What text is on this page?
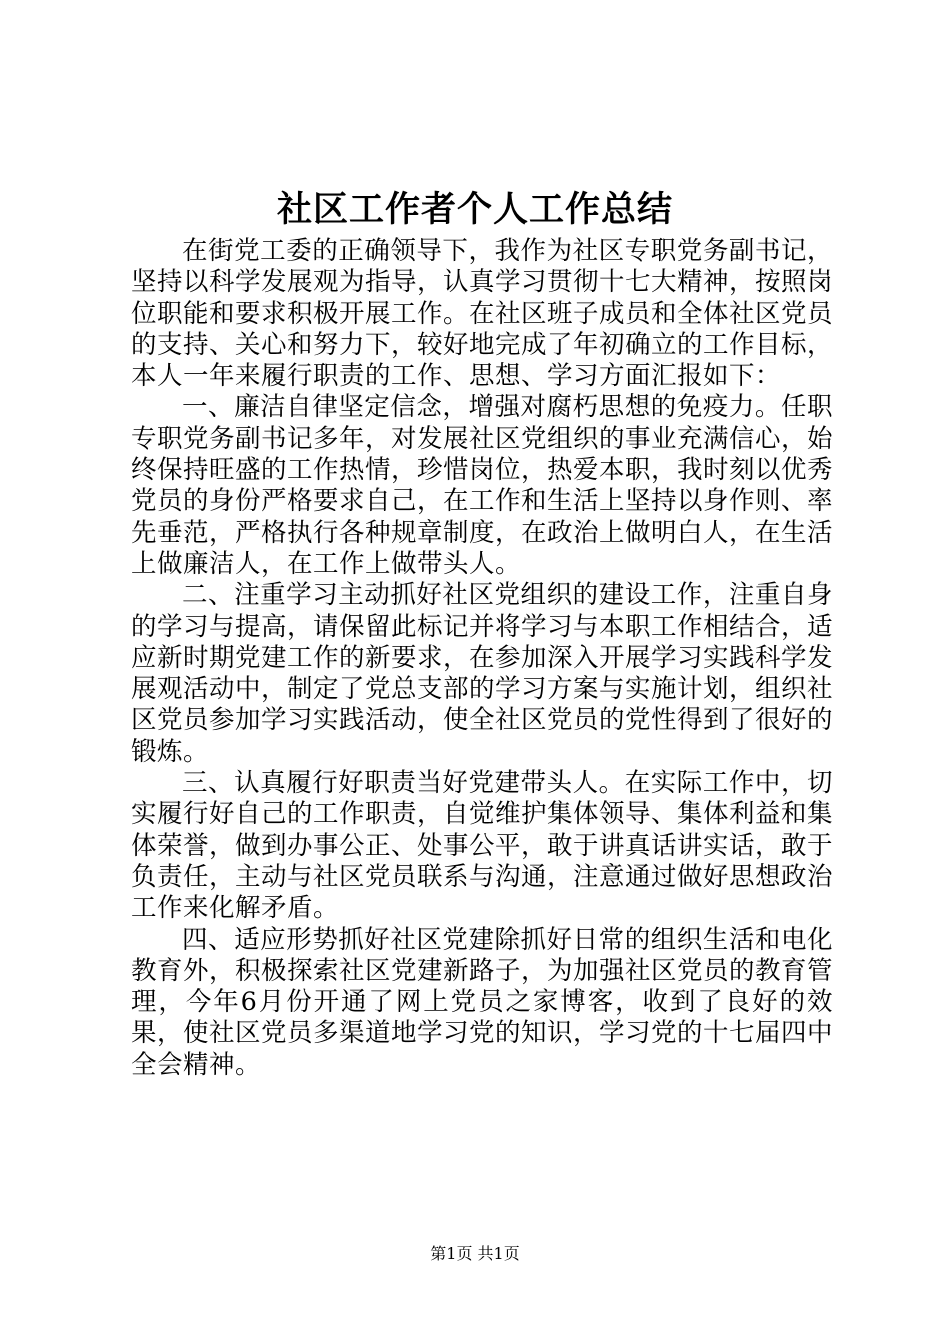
社区工作者个人工作总结

在街党工委的正确领导下，我作为社区专职党务副书记，坚持以科学发展观为指导，认真学习贯彻十七大精神，按照岗位职能和要求积极开展工作。在社区班子成员和全体社区党员的支持、关心和努力下，较好地完成了年初确立的工作目标，本人一年来履行职责的工作、思想、学习方面汇报如下：

一、廉洁自律坚定信念，增强对腐朽思想的免疫力。任职专职党务副书记多年，对发展社区党组织的事业充满信心，始终保持旺盛的工作热情，珍惜岗位，热爱本职，我时刻以优秀党员的身份严格要求自己，在工作和生活上坚持以身作则、率先垂范，严格执行各种规章制度，在政治上做明白人，在生活上做廉洁人，在工作上做带头人。

二、注重学习主动抓好社区党组织的建设工作，注重自身的学习与提高，请保留此标记并将学习与本职工作相结合，适应新时期党建工作的新要求，在参加深入开展学习实践科学发展观活动中，制定了党总支部的学习方案与实施计划，组织社区党员参加学习实践活动，使全社区党员的党性得到了很好的锻炼。

三、认真履行好职责当好党建带头人。在实际工作中，切实履行好自己的工作职责，自觉维护集体领导、集体利益和集体荣誉，做到办事公正、处事公平，敢于讲真话讲实话，敢于负责任，主动与社区党员联系与沟通，注意通过做好思想政治工作来化解矛盾。

四、适应形势抓好社区党建除抓好日常的组织生活和电化教育外，积极探索社区党建新路子，为加强社区党员的教育管理，今年6月份开通了网上党员之家博客，收到了良好的效果，使社区党员多渠道地学习党的知识，学习党的十七届四中全会精神。

第1页 共1页
